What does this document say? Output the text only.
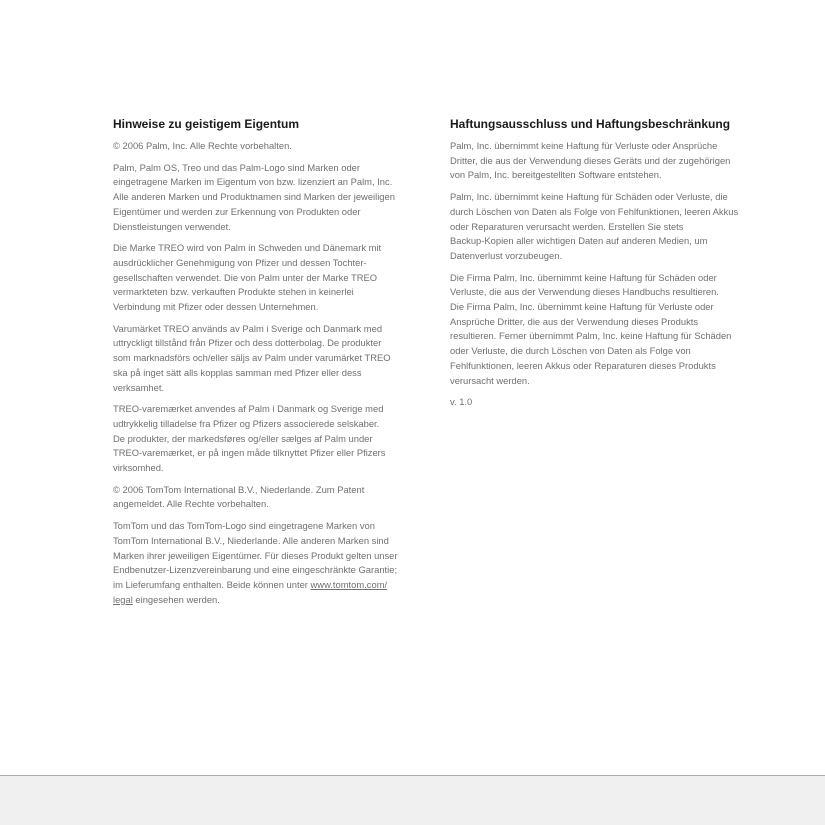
Hinweise zu geistigem Eigentum

© 2006 Palm, Inc. Alle Rechte vorbehalten.

Palm, Palm OS, Treo und das Palm-Logo sind Marken oder
eingetragene Marken im Eigentum von bzw. lizenziert an Palm, Inc.
Alle anderen Marken und Produktnamen sind Marken der jeweiligen
Eigentümer und werden zur Erkennung von Produkten oder
Dienstleistungen verwendet.

Die Marke TREO wird von Palm in Schweden und Dänemark mit
ausdrücklicher Genehmigung von Pfizer und dessen Tochter-
gesellschaften verwendet. Die von Palm unter der Marke TREO
vermarkteten bzw. verkauften Produkte stehen in keinerlei
Verbindung mit Pfizer oder dessen Unternehmen.

Varumärket TREO används av Palm i Sverige och Danmark med
uttryckligt tillstånd från Pfizer och dess dotterbolag. De produkter
som marknadsförs och/eller säljs av Palm under varumärket TREO
ska på inget sätt alls kopplas samman med Pfizer eller dess
verksamhet.

TREO-varemærket anvendes af Palm i Danmark og Sverige med
udtrykkelig tilladelse fra Pfizer og Pfizers associerede selskaber.
De produkter, der markedsføres og/eller sælges af Palm under
TREO-varemærket, er på ingen måde tilknyttet Pfizer eller Pfizers
virksomhed.

© 2006 TomTom International B.V., Niederlande. Zum Patent
angemeldet. Alle Rechte vorbehalten.

TomTom und das TomTom-Logo sind eingetragene Marken von
TomTom International B.V., Niederlande. Alle anderen Marken sind
Marken ihrer jeweiligen Eigentümer. Für dieses Produkt gelten unser
Endbenutzer-Lizenzvereinbarung und eine eingeschränkte Garantie;
im Lieferumfang enthalten. Beide können unter www.tomtom.com/
legal eingesehen werden.

Haftungsausschluss und Haftungsbeschränkung

Palm, Inc. übernimmt keine Haftung für Verluste oder Ansprüche
Dritter, die aus der Verwendung dieses Geräts und der zugehörigen
von Palm, Inc. bereitgestellten Software entstehen.

Palm, Inc. übernimmt keine Haftung für Schäden oder Verluste, die
durch Löschen von Daten als Folge von Fehlfunktionen, leeren Akkus
oder Reparaturen verursacht werden. Erstellen Sie stets
Backup-Kopien aller wichtigen Daten auf anderen Medien, um
Datenverlust vorzubeugen.

Die Firma Palm, Inc. übernimmt keine Haftung für Schäden oder
Verluste, die aus der Verwendung dieses Handbuchs resultieren.
Die Firma Palm, Inc. übernimmt keine Haftung für Verluste oder
Ansprüche Dritter, die aus der Verwendung dieses Produkts
resultieren. Ferner übernimmt Palm, Inc. keine Haftung für Schäden
oder Verluste, die durch Löschen von Daten als Folge von
Fehlfunktionen, leeren Akkus oder Reparaturen dieses Produkts
verursacht werden.

v. 1.0
